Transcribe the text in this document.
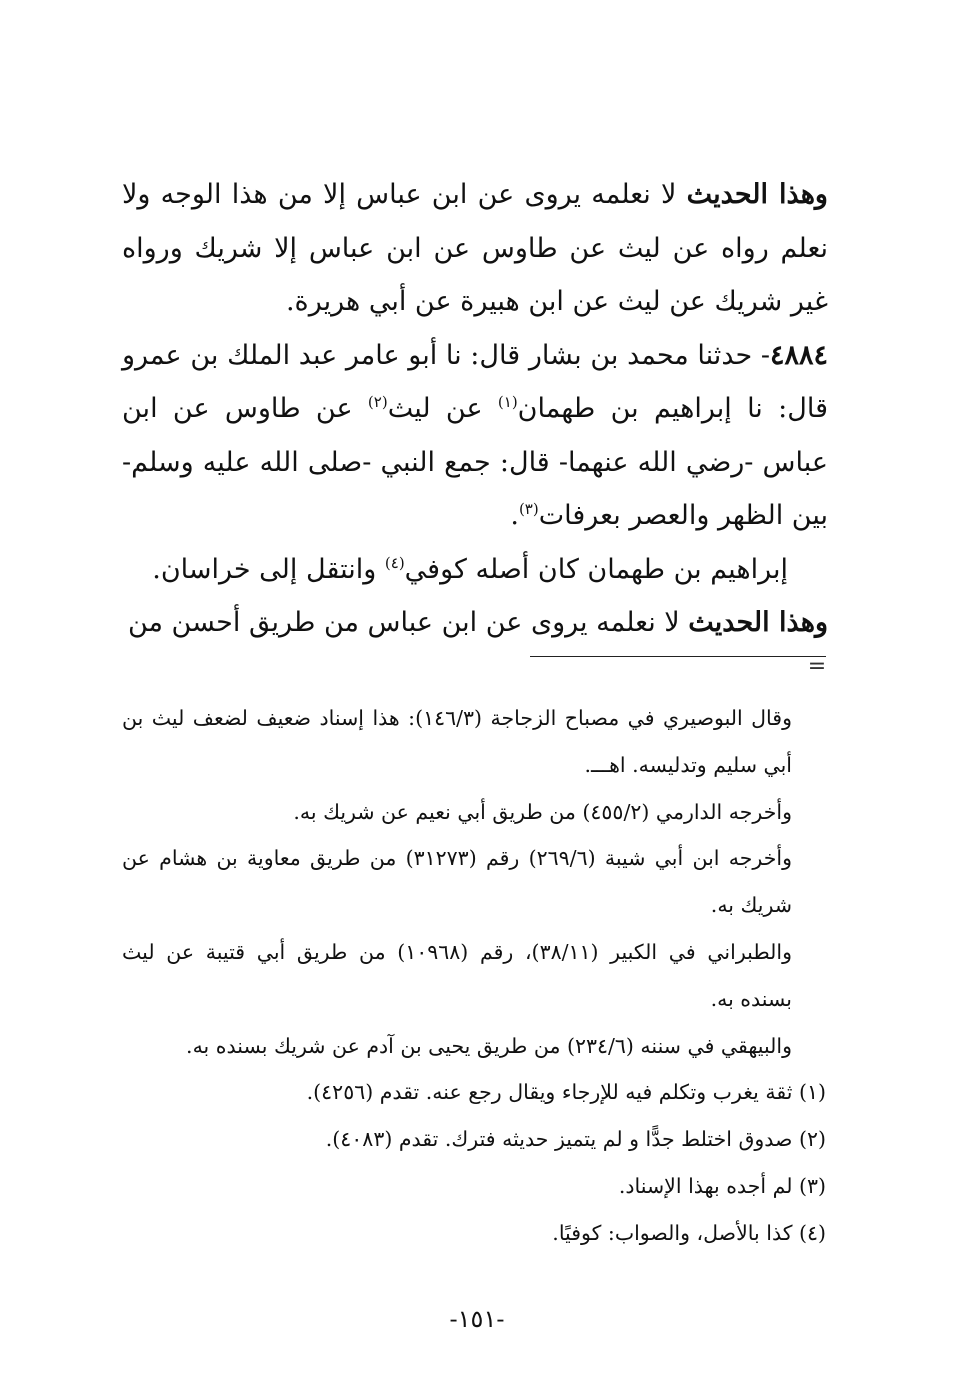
وهذا الحديث لا نعلمه يروى عن ابن عباس إلا من هذا الوجه ولا نعلم رواه عن ليث عن طاوس عن ابن عباس إلا شريك ورواه غير شريك عن ليث عن ابن هبيرة عن أبي هريرة.

٤٨٨٤- حدثنا محمد بن بشار قال: نا أبو عامر عبد الملك بن عمرو قال: نا إبراهيم بن طهمان$^{(١)}$ عن ليث$^{(٢)}$ عن طاوس عن ابن عباس -رضي الله عنهما- قال: جمع النبي -صلى الله عليه وسلم- بين الظهر والعصر بعرفات$^{(٣)}$.

إبراهيم بن طهمان كان أصله كوفي$^{(٤)}$ وانتقل إلى خراسان.

وهذا الحديث لا نعلمه يروى عن ابن عباس من طريق أحسن من

=

وقال البوصيري في مصباح الزجاجة (١٤٦/٣): هذا إسناد ضعيف لضعف ليث بن أبي سليم وتدليسه. اهـــ.

وأخرجه الدارمي (٤٥٥/٢) من طريق أبي نعيم عن شريك به.

وأخرجه ابن أبي شيبة (٢٦٩/٦) رقم (٣١٢٧٣) من طريق معاوية بن هشام عن شريك به.

والطبراني في الكبير (٣٨/١١)، رقم (١٠٩٦٨) من طريق أبي قتيبة عن ليث بسنده به.

والبيهقي في سننه (٢٣٤/٦) من طريق يحيى بن آدم عن شريك بسنده به.

(١) ثقة يغرب وتكلم فيه للإرجاء ويقال رجع عنه. تقدم (٤٢٥٦).

(٢) صدوق اختلط جدًّا و لم يتميز حديثه فترك. تقدم (٤٠٨٣).

(٣) لم أجده بهذا الإسناد.

(٤) كذا بالأصل، والصواب: كوفيًا.

-١٥١-
